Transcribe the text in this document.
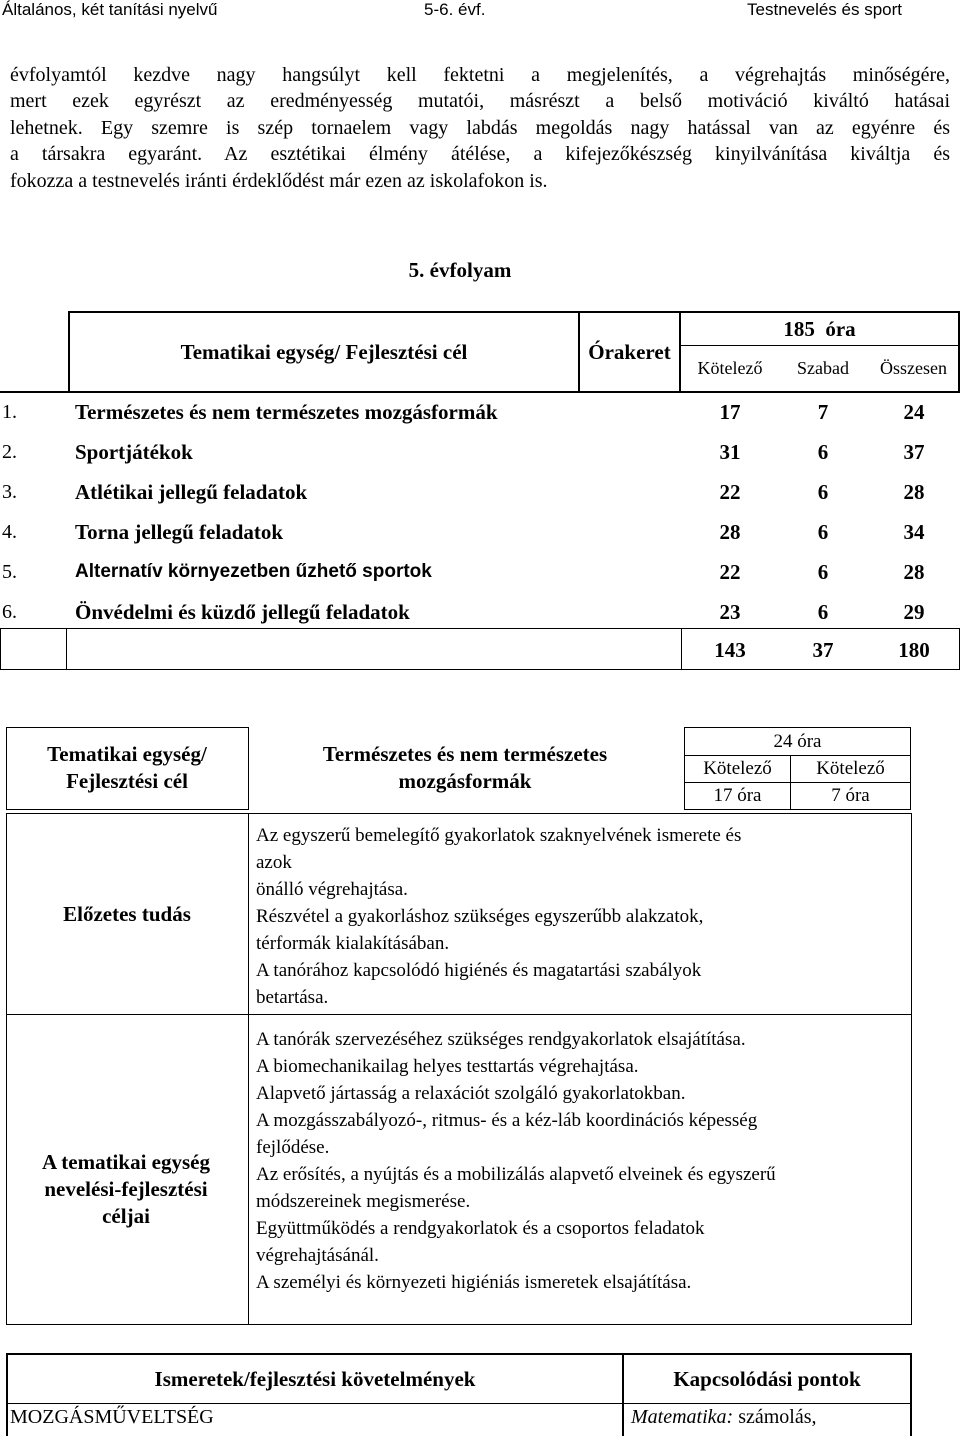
Általános, két tanítási nyelvű	5-6. évf.	Testnevelés és sport
évfolyamtól kezdve nagy hangsúlyt kell fektetni a megjelenítés, a végrehajtás minőségére,
mert ezek egyrészt az eredményesség mutatói, másrészt a belső motiváció kiváltó hatásai
lehetnek. Egy szemre is szép tornaelem vagy labdás megoldás nagy hatással van az egyénre és
a társakra egyaránt. Az esztétikai élmény átélése, a kifejezőkészség kinyilvánítása kiváltja és
fokozza a testnevelés iránti érdeklődést már ezen az iskolafokon is.
5. évfolyam
Tematikai egység/ Fejlesztési cél	Órakeret
185  óra
Kötelező	Szabad	Összesen
1.	Természetes és nem természetes mozgásformák	17	7	24
2.	Sportjátékok	31	6	37
3.	Atlétikai jellegű feladatok	22	6	28
4.	Torna jellegű feladatok	28	6	34
5.	Alternatív környezetben űzhető sportok	22	6	28
6.	Önvédelmi és küzdő jellegű feladatok	23	6	29
143	37	180
Tematikai egység/ Fejlesztési cél
Természetes és nem természetes mozgásformák
24 óra
Kötelező	Kötelező
17 óra	7 óra
Előzetes tudás
Az egyszerű bemelegítő gyakorlatok szaknyelvének ismerete és
azok
önálló végrehajtása.
Részvétel a gyakorláshoz szükséges egyszerűbb alakzatok,
térformák kialakításában.
A tanórához kapcsolódó higiénés és magatartási szabályok
betartása.
A tematikai egység nevelési-fejlesztési céljai
A tanórák szervezéséhez szükséges rendgyakorlatok elsajátítása.
A biomechanikailag helyes testtartás végrehajtása.
Alapvető jártasság a relaxációt szolgáló gyakorlatokban.
A mozgásszabályozó-, ritmus- és a kéz-láb koordinációs képesség
fejlődése.
Az erősítés, a nyújtás és a mobilizálás alapvető elveinek és egyszerű
módszereinek megismerése.
Együttműködés a rendgyakorlatok és a csoportos feladatok
végrehajtásánál.
A személyi és környezeti higiéniás ismeretek elsajátítása.
Ismeretek/fejlesztési követelmények	Kapcsolódási pontok
MOZGÁSMŰVELTSÉG	Matematika: számolás,
